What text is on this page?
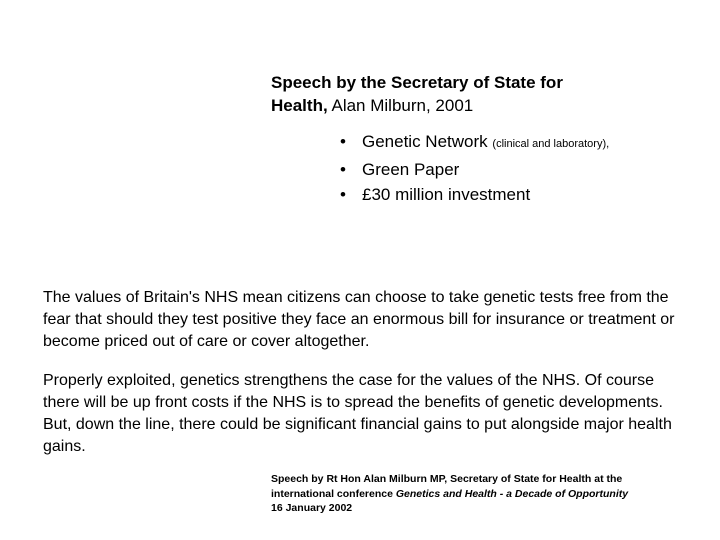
Speech by the Secretary of State for
Health, Alan Milburn, 2001
• Genetic Network (clinical and laboratory),
• Green Paper
• £30 million investment

The values of Britain's NHS mean citizens can choose to take genetic tests free from the fear that should they test positive they face an enormous bill for insurance or treatment or become priced out of care or cover altogether.

Properly exploited, genetics strengthens the case for the values of the NHS. Of course there will be up front costs if the NHS is to spread the benefits of genetic developments. But, down the line, there could be significant financial gains to put alongside major health gains.

Speech by Rt Hon Alan Milburn MP, Secretary of State for Health at the
international conference Genetics and Health - a Decade of Opportunity
16 January 2002
